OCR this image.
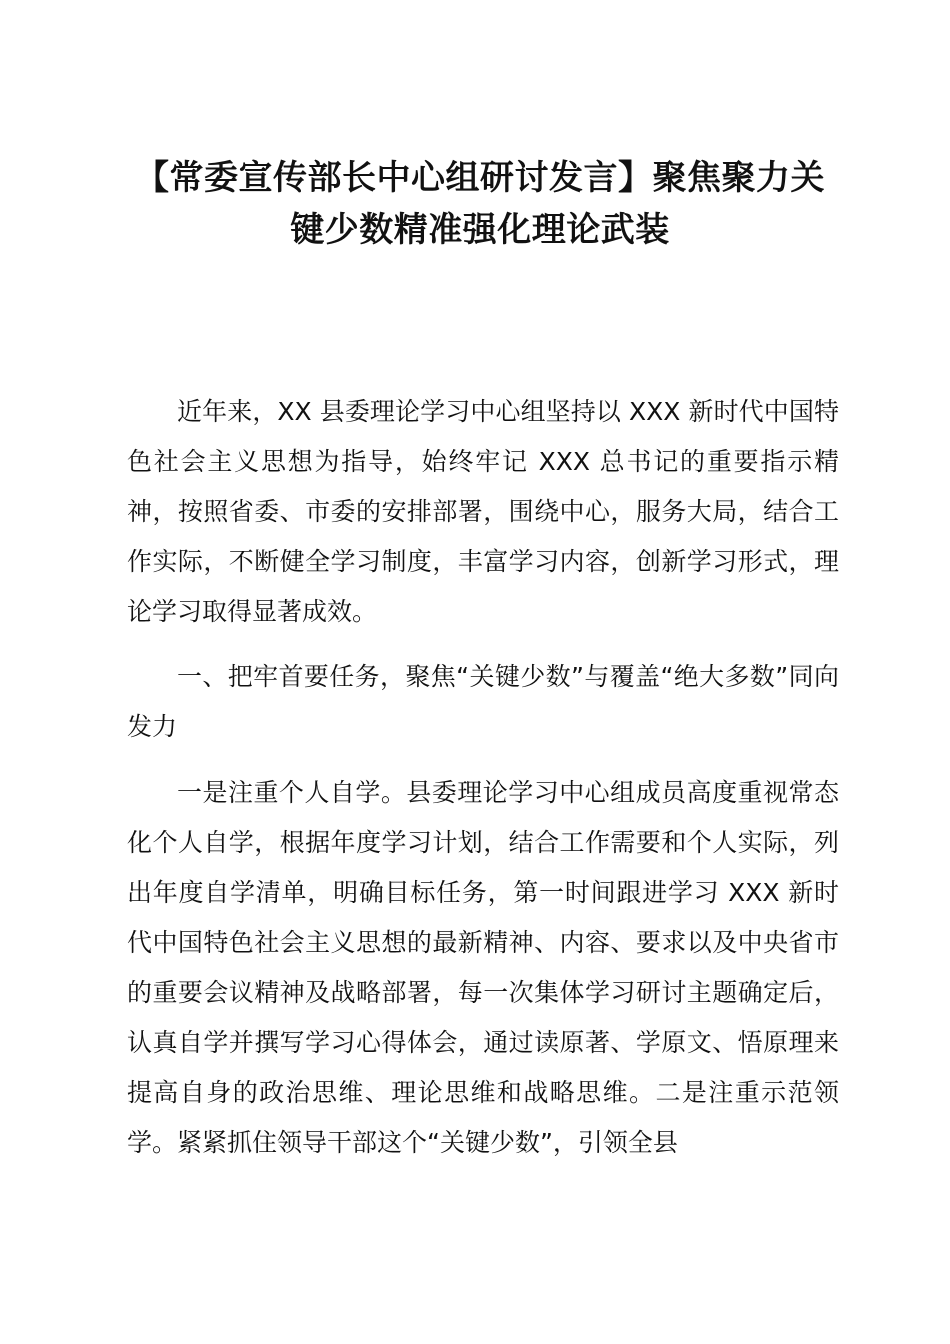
【常委宣传部长中心组研讨发言】聚焦聚力关
键少数精准强化理论武装

近年来，XX 县委理论学习中心组坚持以 XXX 新时代中国特色社会主义思想为指导，始终牢记 XXX 总书记的重要指示精神，按照省委、市委的安排部署，围绕中心，服务大局，结合工作实际，不断健全学习制度，丰富学习内容，创新学习形式，理论学习取得显著成效。

一、把牢首要任务，聚焦“关键少数”与覆盖“绝大多数”同向发力

一是注重个人自学。县委理论学习中心组成员高度重视常态化个人自学，根据年度学习计划，结合工作需要和个人实际，列出年度自学清单，明确目标任务，第一时间跟进学习 XXX 新时代中国特色社会主义思想的最新精神、内容、要求以及中央省市的重要会议精神及战略部署，每一次集体学习研讨主题确定后，认真自学并撰写学习心得体会，通过读原著、学原文、悟原理来提高自身的政治思维、理论思维和战略思维。二是注重示范领学。紧紧抓住领导干部这个“关键少数”，引领全县
